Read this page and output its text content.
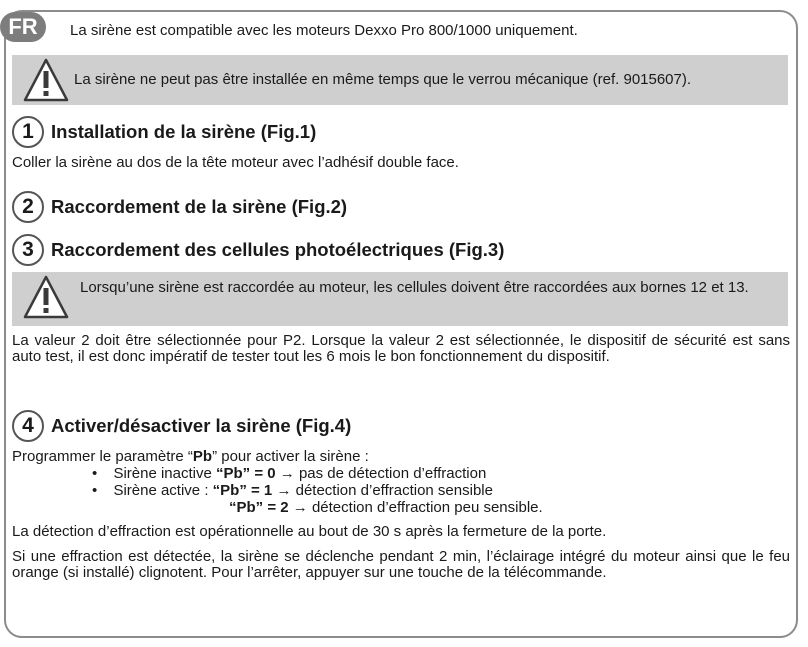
FR	La sirène est compatible avec les moteurs Dexxo Pro 800/1000 uniquement.
La sirène ne peut pas être installée en même temps que le verrou mécanique (ref. 9015607).
1 Installation de la sirène (Fig.1)
Coller la sirène au dos de la tête moteur avec l’adhésif double face.
2 Raccordement de la sirène (Fig.2)
3 Raccordement des cellules photoélectriques (Fig.3)
Lorsqu’une sirène est raccordée au moteur, les cellules doivent être raccordées aux bornes 12 et 13.
La valeur 2 doit être sélectionnée pour P2. Lorsque la valeur 2 est sélectionnée, le dispositif de sécurité est sans auto test, il est donc impératif de tester tout les 6 mois le bon fonctionnement du dispositif.
4 Activer/désactiver la sirène (Fig.4)
Programmer le paramètre “Pb” pour activer la sirène :
• Sirène inactive “Pb” = 0 → pas de détection d’effraction
• Sirène active : “Pb” = 1 → détection d’effraction sensible
“Pb” = 2 → détection d’effraction peu sensible.
La détection d’effraction est opérationnelle au bout de 30 s après la fermeture de la porte.
Si une effraction est détectée, la sirène se déclenche pendant 2 min, l’éclairage intégré du moteur ainsi que le feu orange (si installé) clignotent. Pour l’arrêter, appuyer sur une touche de la télécommande.
